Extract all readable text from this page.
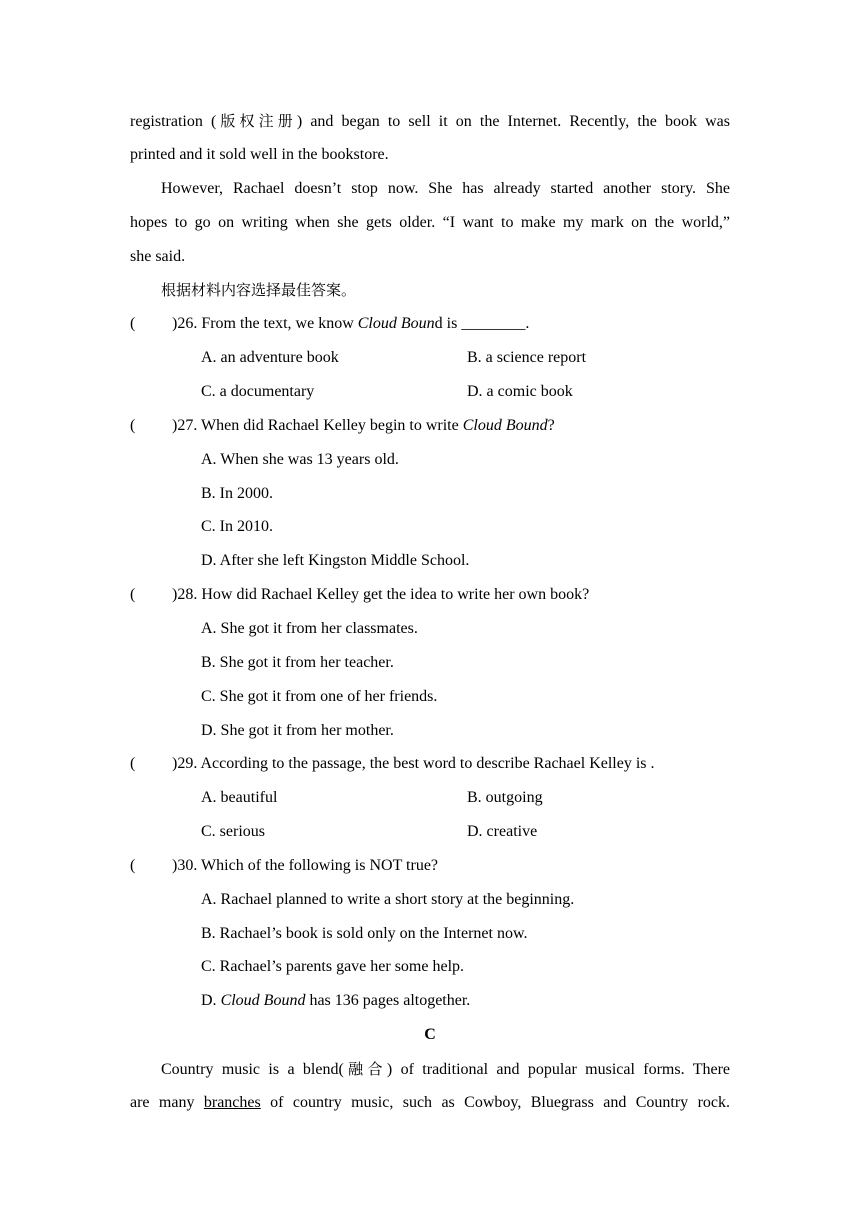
registration (版权注册) and began to sell it on the Internet. Recently, the book was
printed and it sold well in the bookstore.
However, Rachael doesn’t stop now. She has already started another story. She
hopes to go on writing when she gets older. “I want to make my mark on the world,”
she said.
根据材料内容选择最佳答案。
( )26. From the text, we know Cloud Bound is ________.
A. an adventure book	B. a science report
C. a documentary	D. a comic book
( )27. When did Rachael Kelley begin to write Cloud Bound?
A. When she was 13 years old.
B. In 2000.
C. In 2010.
D. After she left Kingston Middle School.
( )28. How did Rachael Kelley get the idea to write her own book?
A. She got it from her classmates.
B. She got it from her teacher.
C. She got it from one of her friends.
D. She got it from her mother.
( )29. According to the passage, the best word to describe Rachael Kelley is .
A. beautiful	B. outgoing
C. serious	D. creative
( )30. Which of the following is NOT true?
A. Rachael planned to write a short story at the beginning.
B. Rachael’s book is sold only on the Internet now.
C. Rachael’s parents gave her some help.
D. Cloud Bound has 136 pages altogether.
C
Country music is a blend(融合) of traditional and popular musical forms. There
are many branches of country music, such as Cowboy, Bluegrass and Country rock.
